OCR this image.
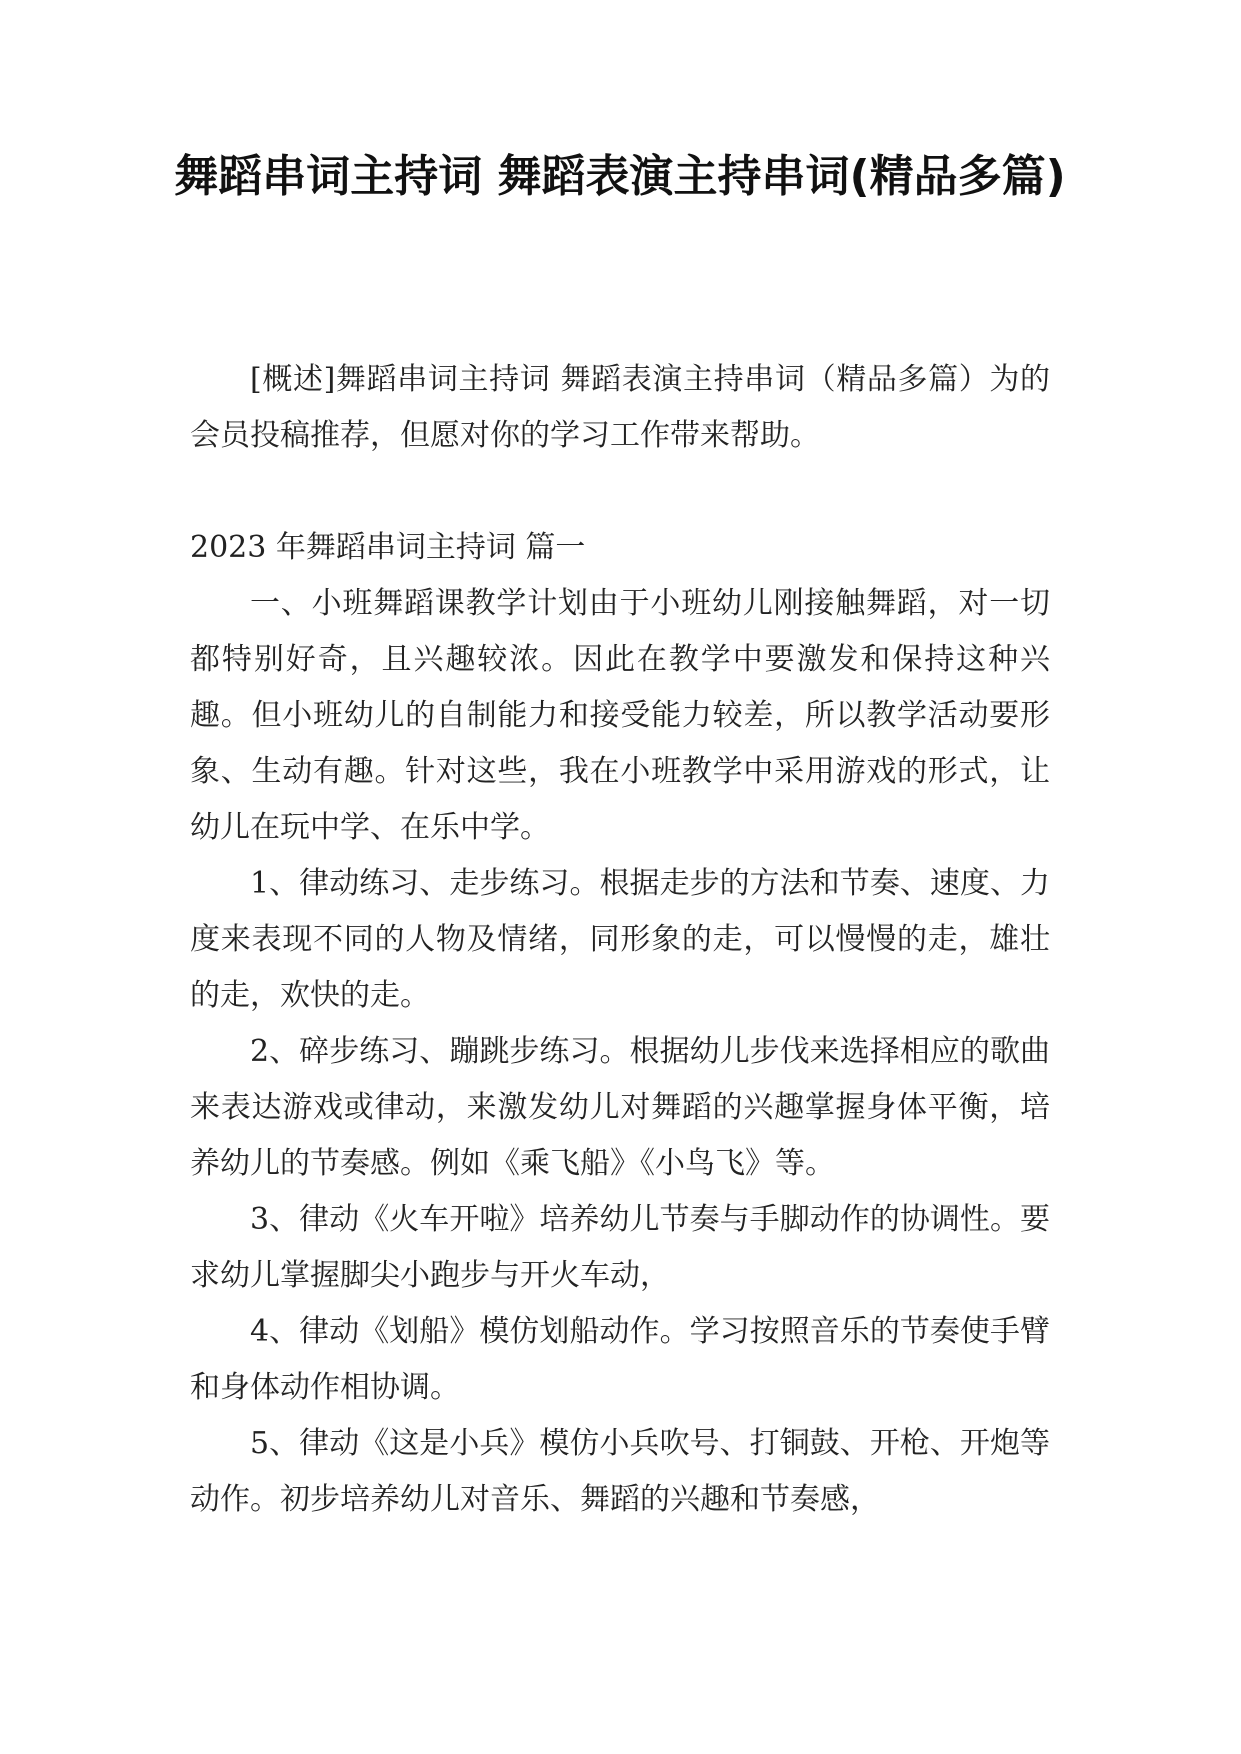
舞蹈串词主持词 舞蹈表演主持串词(精品多篇)

[概述]舞蹈串词主持词 舞蹈表演主持串词（精品多篇）为的会员投稿推荐，但愿对你的学习工作带来帮助。

2023 年舞蹈串词主持词 篇一

一、小班舞蹈课教学计划由于小班幼儿刚接触舞蹈，对一切都特别好奇，且兴趣较浓。因此在教学中要激发和保持这种兴趣。但小班幼儿的自制能力和接受能力较差，所以教学活动要形象、生动有趣。针对这些，我在小班教学中采用游戏的形式，让幼儿在玩中学、在乐中学。

1、律动练习、走步练习。根据走步的方法和节奏、速度、力度来表现不同的人物及情绪，同形象的走，可以慢慢的走，雄壮的走，欢快的走。

2、碎步练习、蹦跳步练习。根据幼儿步伐来选择相应的歌曲来表达游戏或律动，来激发幼儿对舞蹈的兴趣掌握身体平衡，培养幼儿的节奏感。例如《乘飞船》《小鸟飞》等。

3、律动《火车开啦》培养幼儿节奏与手脚动作的协调性。要求幼儿掌握脚尖小跑步与开火车动，

4、律动《划船》模仿划船动作。学习按照音乐的节奏使手臂和身体动作相协调。

5、律动《这是小兵》模仿小兵吹号、打铜鼓、开枪、开炮等动作。初步培养幼儿对音乐、舞蹈的兴趣和节奏感，
